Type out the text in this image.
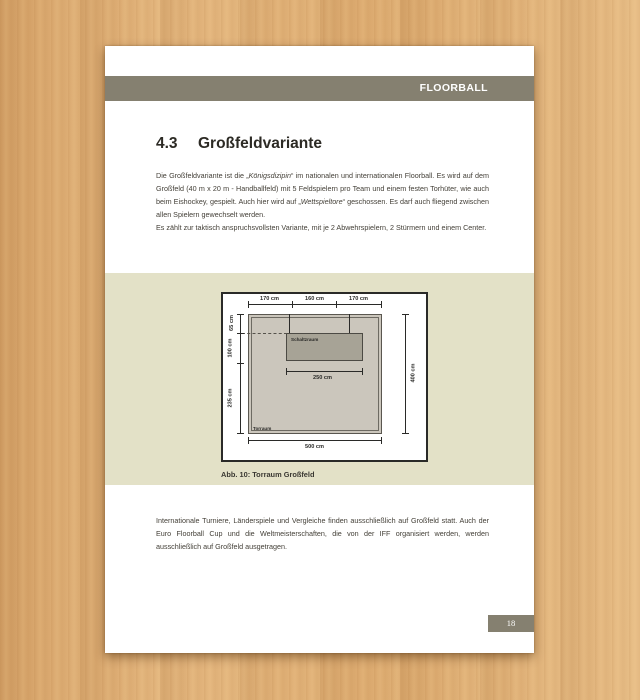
FLOORBALL
4.3 Großfeldvariante

Die Großfeldvariante ist die „Königsdizipin“ im nationalen und internationalen Floorball. Es wird auf dem Großfeld (40 m x 20 m - Handballfeld) mit 5 Feldspielern pro Team und einem festen Torhüter, wie auch beim Eishockey, gespielt. Auch hier wird auf „Wettspieltore“ geschossen. Es darf auch fliegend zwischen allen Spielern gewechselt werden.

Es zählt zur taktisch anspruchsvollsten Variante, mit je 2 Abwehrspielern, 2 Stürmern und einem Center.

170 cm	160 cm	170 cm
Torraum
Schaltzraum
250 cm
65 cm
100 cm
235 cm
400 cm
500 cm
Abb. 10: Torraum Großfeld

Internationale Turniere, Länderspiele und Vergleiche finden ausschließlich auf Großfeld statt. Auch der Euro Floorball Cup und die Weltmeisterschaften, die von der IFF organisiert werden, werden ausschließlich auf Großfeld ausgetragen.

18
